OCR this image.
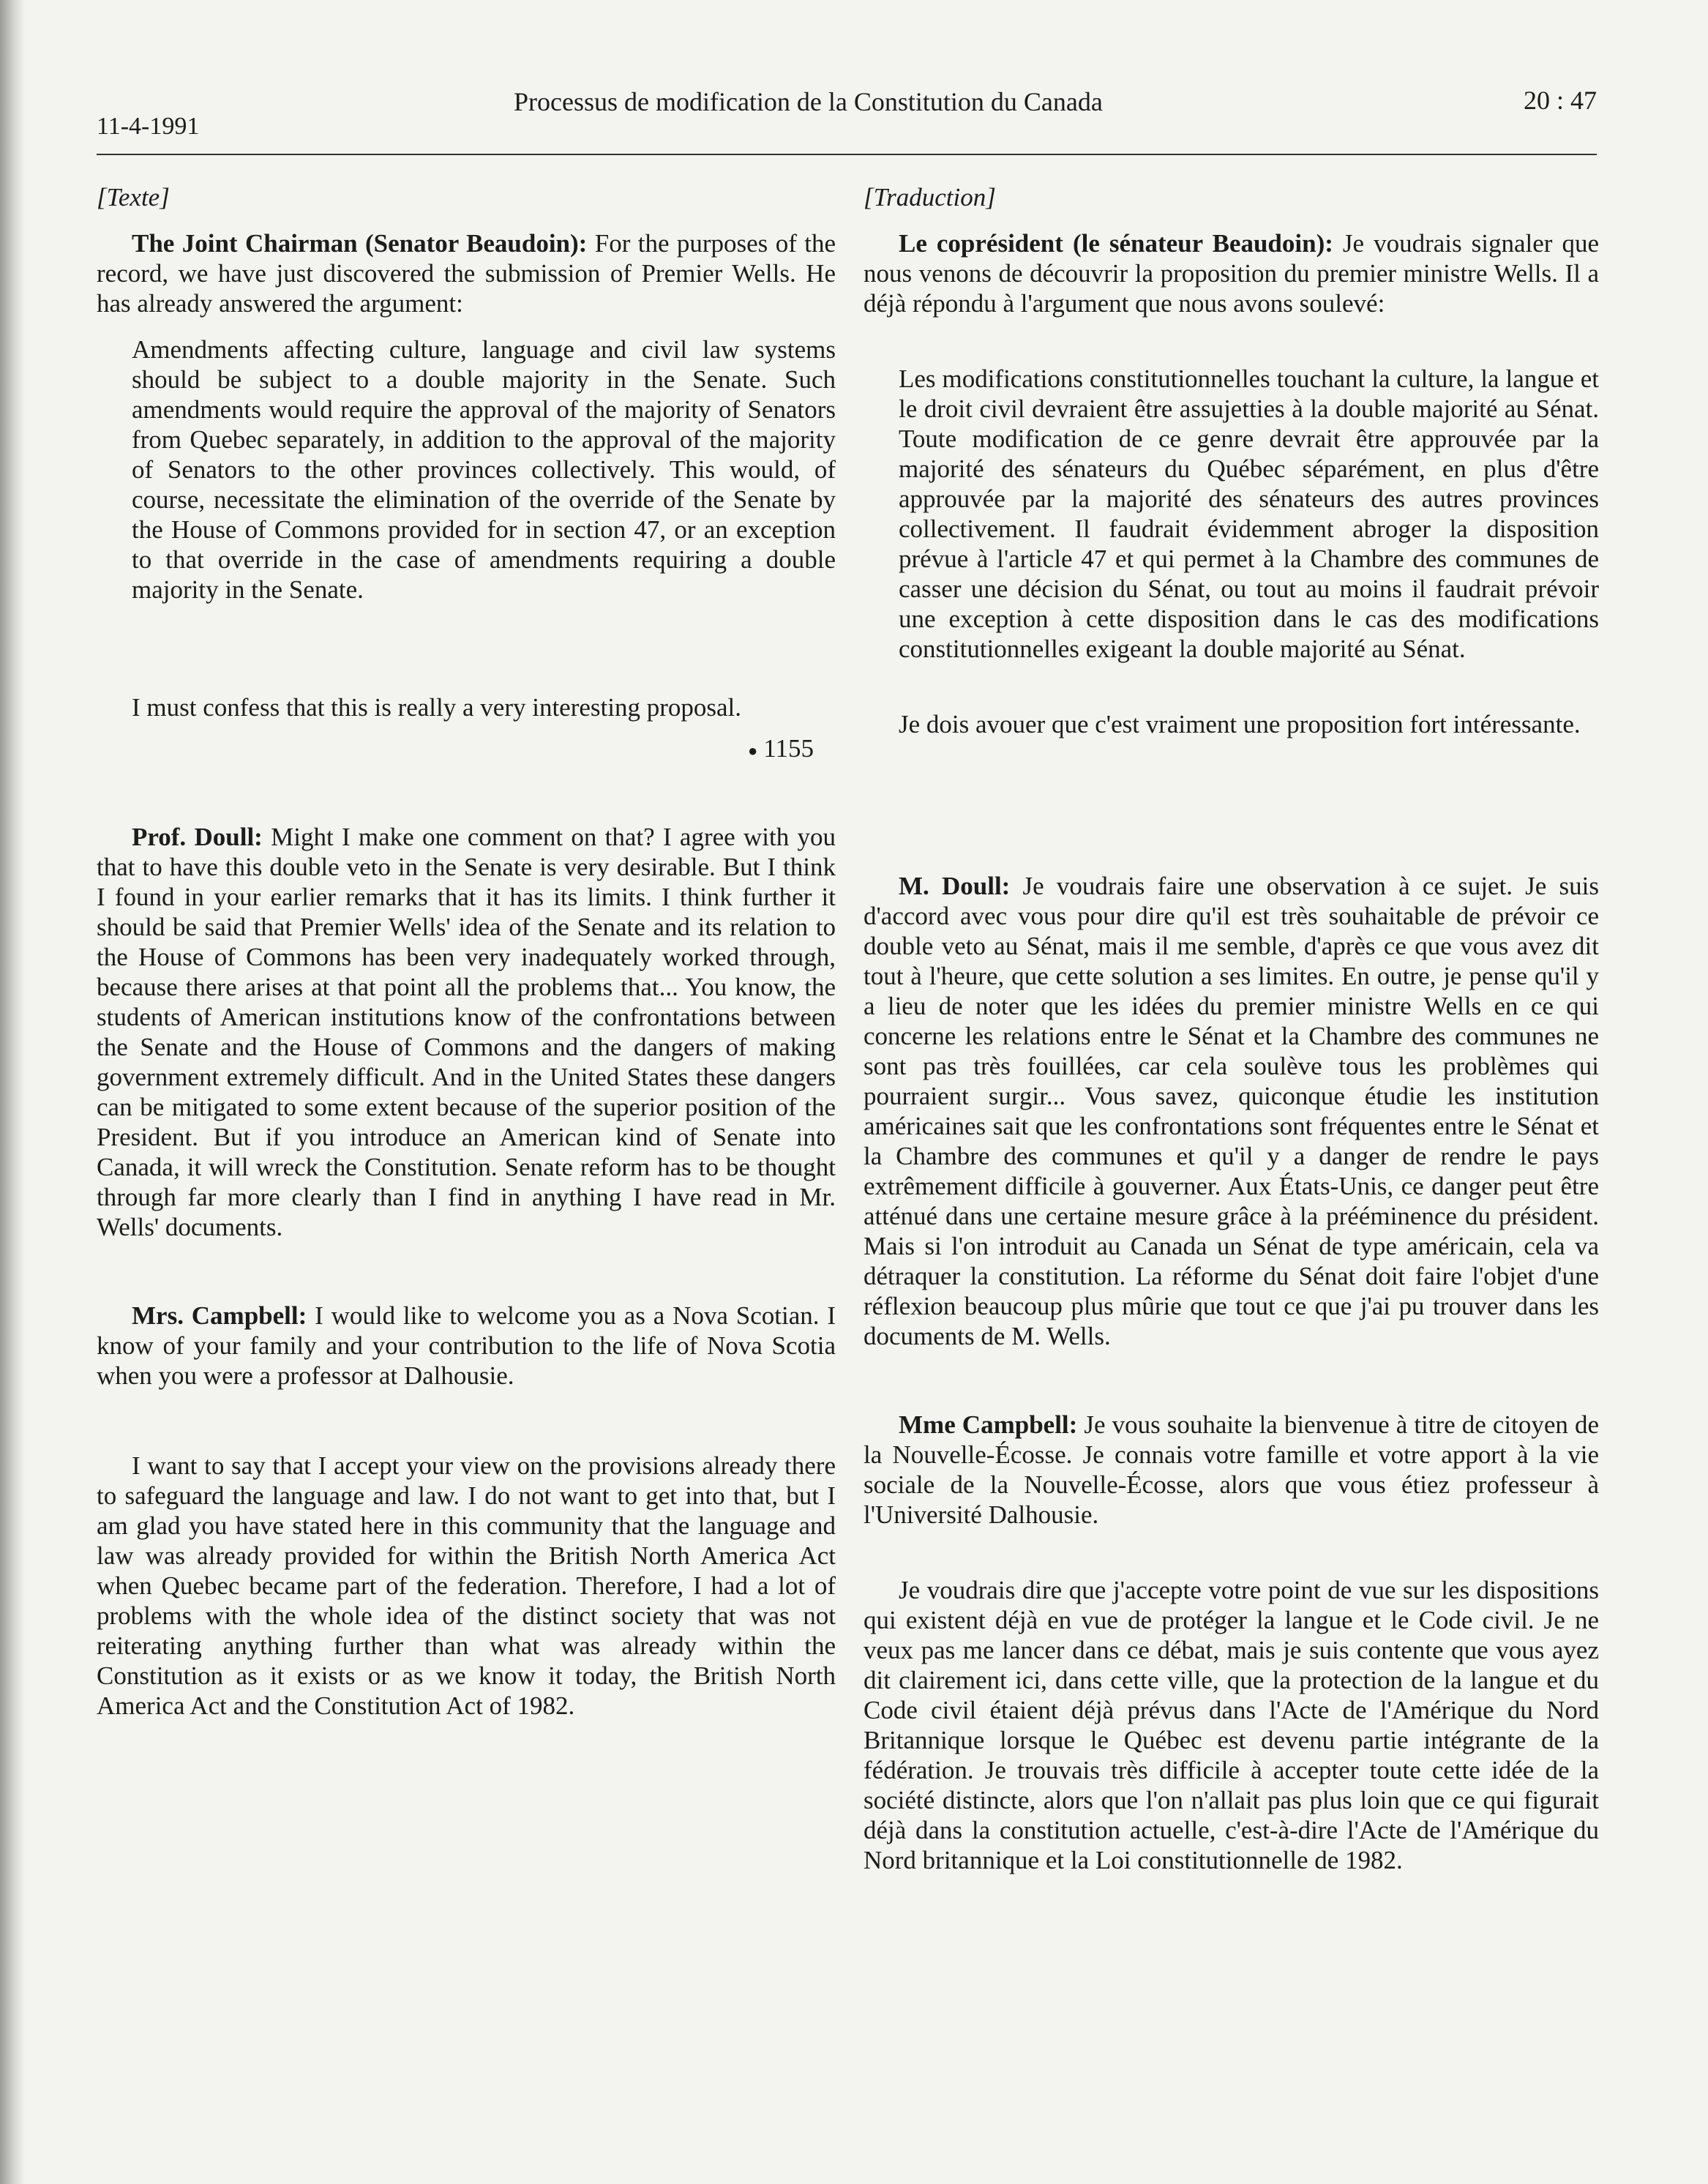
11-4-1991
Processus de modification de la Constitution du Canada	20 : 47

[Texte]

The Joint Chairman (Senator Beaudoin): For the purposes of the record, we have just discovered the submission of Premier Wells. He has already answered the argument:

Amendments affecting culture, language and civil law systems should be subject to a double majority in the Senate. Such amendments would require the approval of the majority of Senators from Quebec separately, in addition to the approval of the majority of Senators to the other provinces collectively. This would, of course, necessitate the elimination of the override of the Senate by the House of Commons provided for in section 47, or an exception to that override in the case of amendments requiring a double majority in the Senate.

I must confess that this is really a very interesting proposal.

● 1155

Prof. Doull: Might I make one comment on that? I agree with you that to have this double veto in the Senate is very desirable. But I think I found in your earlier remarks that it has its limits. I think further it should be said that Premier Wells' idea of the Senate and its relation to the House of Commons has been very inadequately worked through, because there arises at that point all the problems that... You know, the students of American institutions know of the confrontations between the Senate and the House of Commons and the dangers of making government extremely difficult. And in the United States these dangers can be mitigated to some extent because of the superior position of the President. But if you introduce an American kind of Senate into Canada, it will wreck the Constitution. Senate reform has to be thought through far more clearly than I find in anything I have read in Mr. Wells' documents.

Mrs. Campbell: I would like to welcome you as a Nova Scotian. I know of your family and your contribution to the life of Nova Scotia when you were a professor at Dalhousie.

I want to say that I accept your view on the provisions already there to safeguard the language and law. I do not want to get into that, but I am glad you have stated here in this community that the language and law was already provided for within the British North America Act when Quebec became part of the federation. Therefore, I had a lot of problems with the whole idea of the distinct society that was not reiterating anything further than what was already within the Constitution as it exists or as we know it today, the British North America Act and the Constitution Act of 1982.

[Traduction]

Le coprésident (le sénateur Beaudoin): Je voudrais signaler que nous venons de découvrir la proposition du premier ministre Wells. Il a déjà répondu à l'argument que nous avons soulevé:

Les modifications constitutionnelles touchant la culture, la langue et le droit civil devraient être assujetties à la double majorité au Sénat. Toute modification de ce genre devrait être approuvée par la majorité des sénateurs du Québec séparément, en plus d'être approuvée par la majorité des sénateurs des autres provinces collectivement. Il faudrait évidemment abroger la disposition prévue à l'article 47 et qui permet à la Chambre des communes de casser une décision du Sénat, ou tout au moins il faudrait prévoir une exception à cette disposition dans le cas des modifications constitutionnelles exigeant la double majorité au Sénat.

Je dois avouer que c'est vraiment une proposition fort intéressante.

M. Doull: Je voudrais faire une observation à ce sujet. Je suis d'accord avec vous pour dire qu'il est très souhaitable de prévoir ce double veto au Sénat, mais il me semble, d'après ce que vous avez dit tout à l'heure, que cette solution a ses limites. En outre, je pense qu'il y a lieu de noter que les idées du premier ministre Wells en ce qui concerne les relations entre le Sénat et la Chambre des communes ne sont pas très fouillées, car cela soulève tous les problèmes qui pourraient surgir... Vous savez, quiconque étudie les institution américaines sait que les confrontations sont fréquentes entre le Sénat et la Chambre des communes et qu'il y a danger de rendre le pays extrêmement difficile à gouverner. Aux États-Unis, ce danger peut être atténué dans une certaine mesure grâce à la prééminence du président. Mais si l'on introduit au Canada un Sénat de type américain, cela va détraquer la constitution. La réforme du Sénat doit faire l'objet d'une réflexion beaucoup plus mûrie que tout ce que j'ai pu trouver dans les documents de M. Wells.

Mme Campbell: Je vous souhaite la bienvenue à titre de citoyen de la Nouvelle-Écosse. Je connais votre famille et votre apport à la vie sociale de la Nouvelle-Écosse, alors que vous étiez professeur à l'Université Dalhousie.

Je voudrais dire que j'accepte votre point de vue sur les dispositions qui existent déjà en vue de protéger la langue et le Code civil. Je ne veux pas me lancer dans ce débat, mais je suis contente que vous ayez dit clairement ici, dans cette ville, que la protection de la langue et du Code civil étaient déjà prévus dans l'Acte de l'Amérique du Nord Britannique lorsque le Québec est devenu partie intégrante de la fédération. Je trouvais très difficile à accepter toute cette idée de la société distincte, alors que l'on n'allait pas plus loin que ce qui figurait déjà dans la constitution actuelle, c'est-à-dire l'Acte de l'Amérique du Nord britannique et la Loi constitutionnelle de 1982.
